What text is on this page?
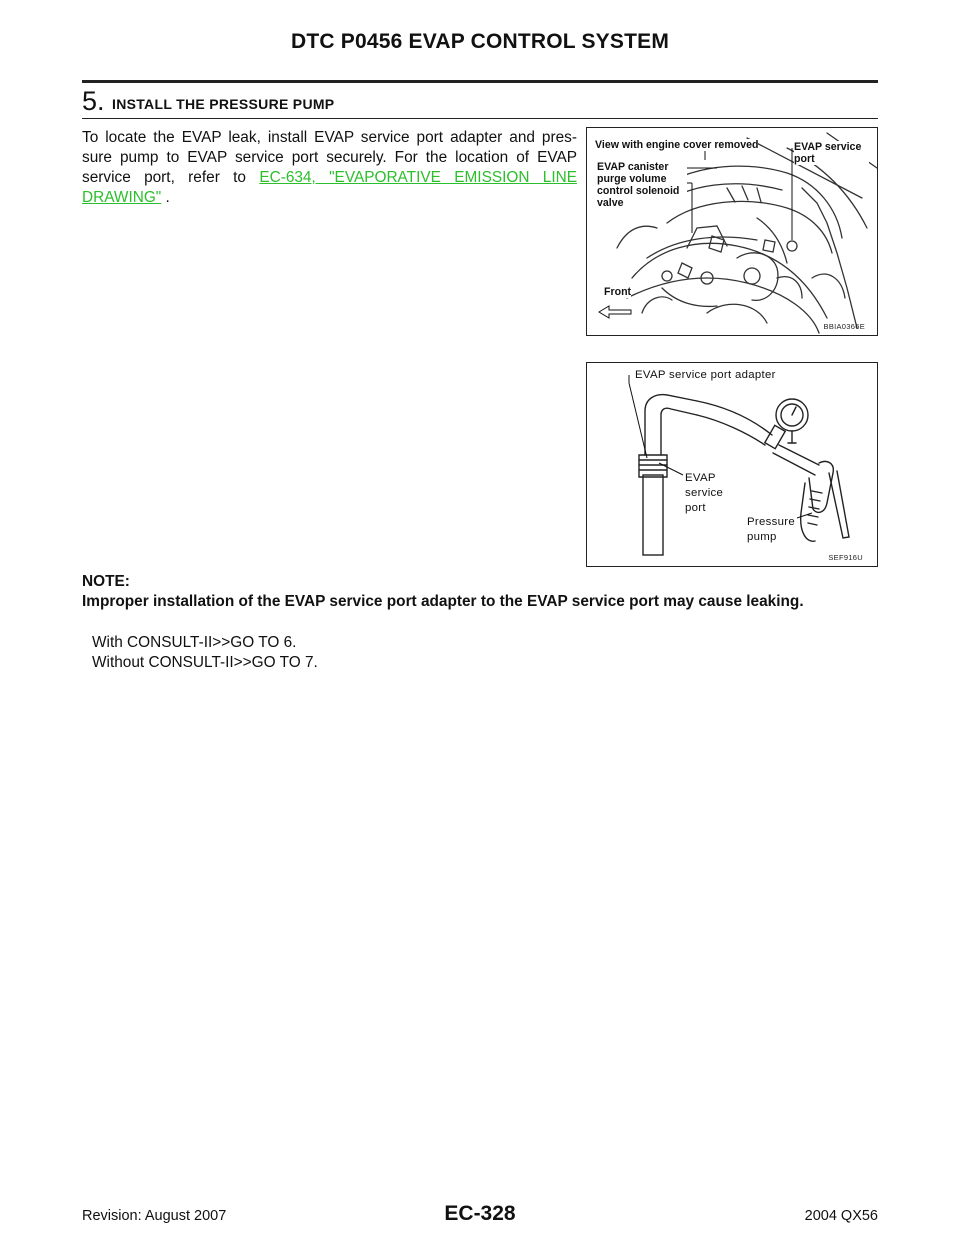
DTC P0456 EVAP CONTROL SYSTEM
5. INSTALL THE PRESSURE PUMP
To locate the EVAP leak, install EVAP service port adapter and pres-sure pump to EVAP service port securely. For the location of EVAP service port, refer to EC-634, "EVAPORATIVE EMISSION LINE DRAWING" .
View with engine cover removed
EVAP canister purge volume control solenoid valve
EVAP service port
Front
BBIA0366E
EVAP service port adapter
EVAP service port
Pressure pump
SEF916U
NOTE:
Improper installation of the EVAP service port adapter to the EVAP service port may cause leaking.
With CONSULT-II>>GO TO 6.
Without CONSULT-II>>GO TO 7.
Revision: August 2007	EC-328	2004 QX56
